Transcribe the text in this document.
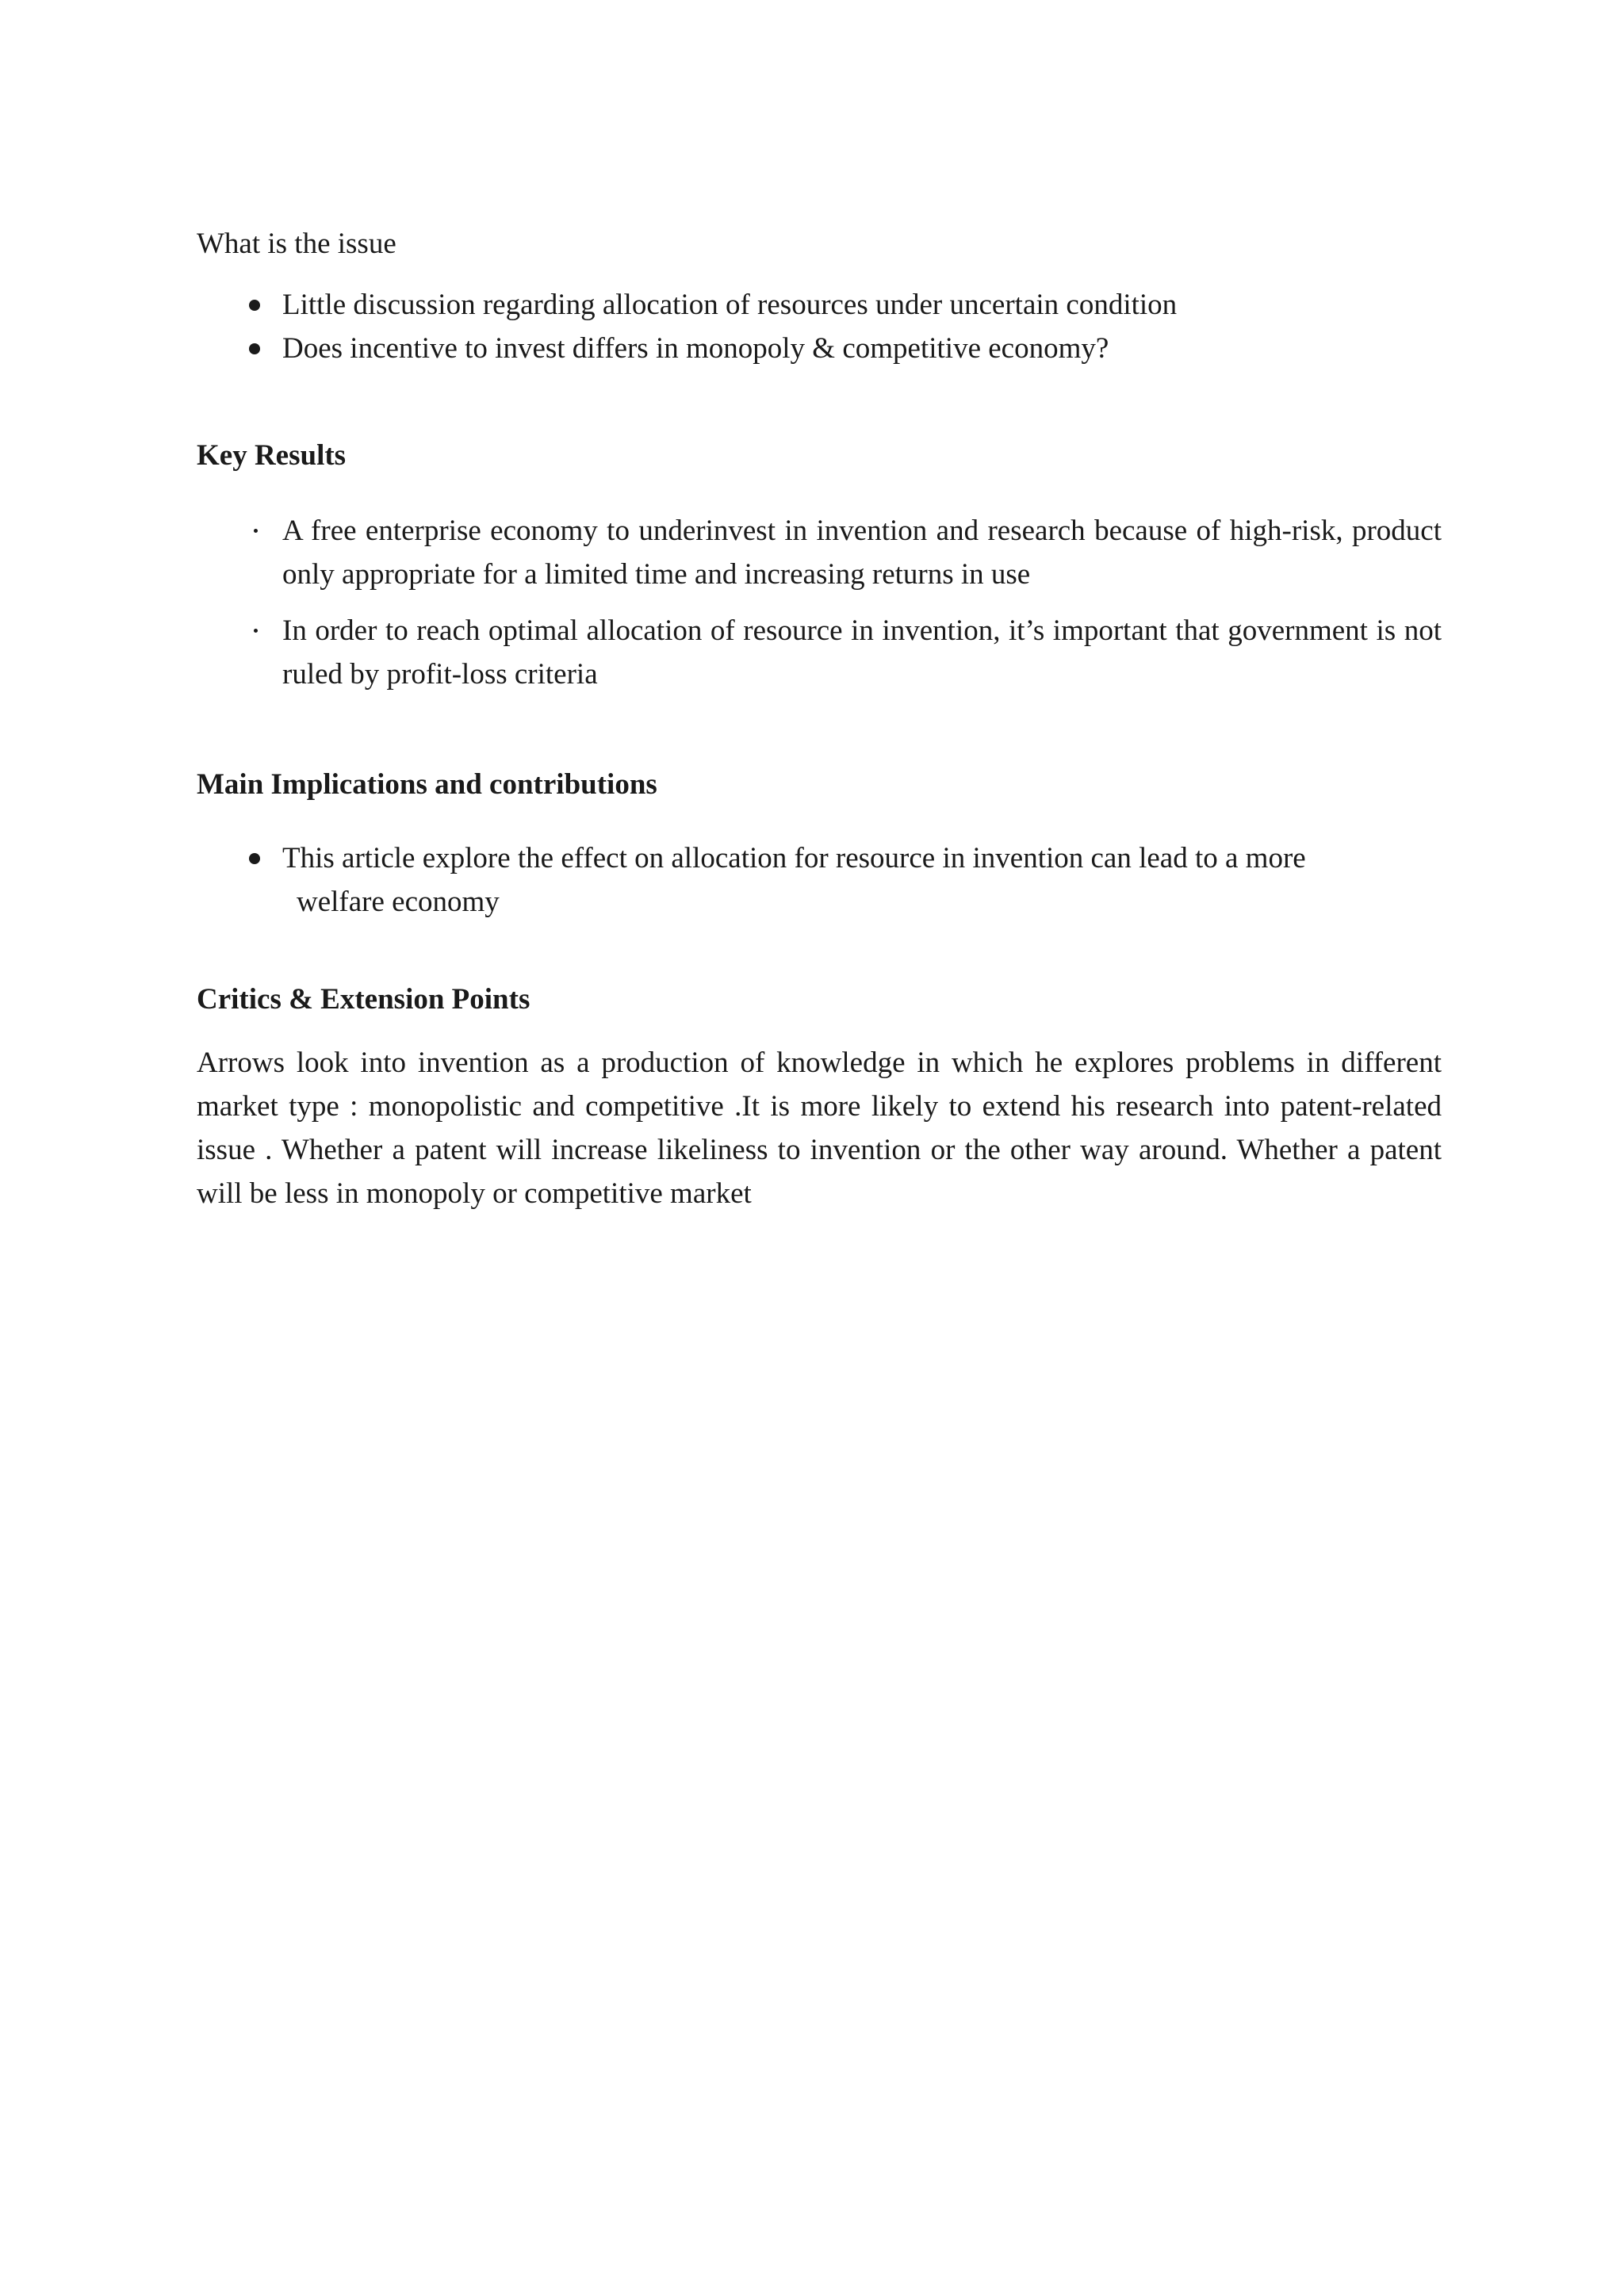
What is the issue

Little discussion regarding allocation of resources under uncertain condition
Does incentive to invest differs in monopoly & competitive economy?

Key Results

A free enterprise economy to underinvest in invention and research because of high-risk, product only appropriate for a limited time and increasing returns in use
In order to reach optimal allocation of resource in invention, it’s important that government is not ruled by profit-loss criteria

Main Implications and contributions

This article explore the effect on allocation for resource in invention can lead to a more
welfare economy

Critics & Extension Points

Arrows look into invention as a production of knowledge in which he explores problems in different market type : monopolistic and competitive .It is more likely to extend his research into patent-related issue . Whether a patent will increase likeliness to invention or the other way around. Whether a patent will be less in monopoly or competitive market
